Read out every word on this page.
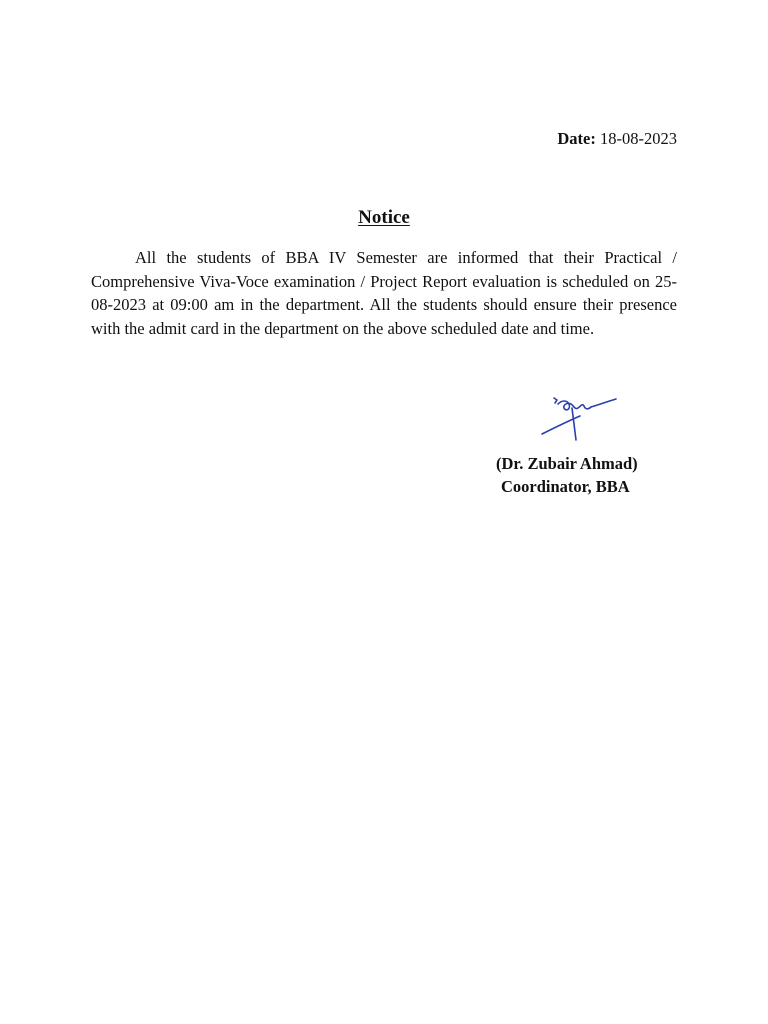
Date: 18-08-2023
Notice

All the students of BBA IV Semester are informed that their Practical / Comprehensive Viva-Voce examination / Project Report evaluation is scheduled on 25-08-2023 at 09:00 am in the department. All the students should ensure their presence with the admit card in the department on the above scheduled date and time.

(Dr. Zubair Ahmad)
Coordinator, BBA
